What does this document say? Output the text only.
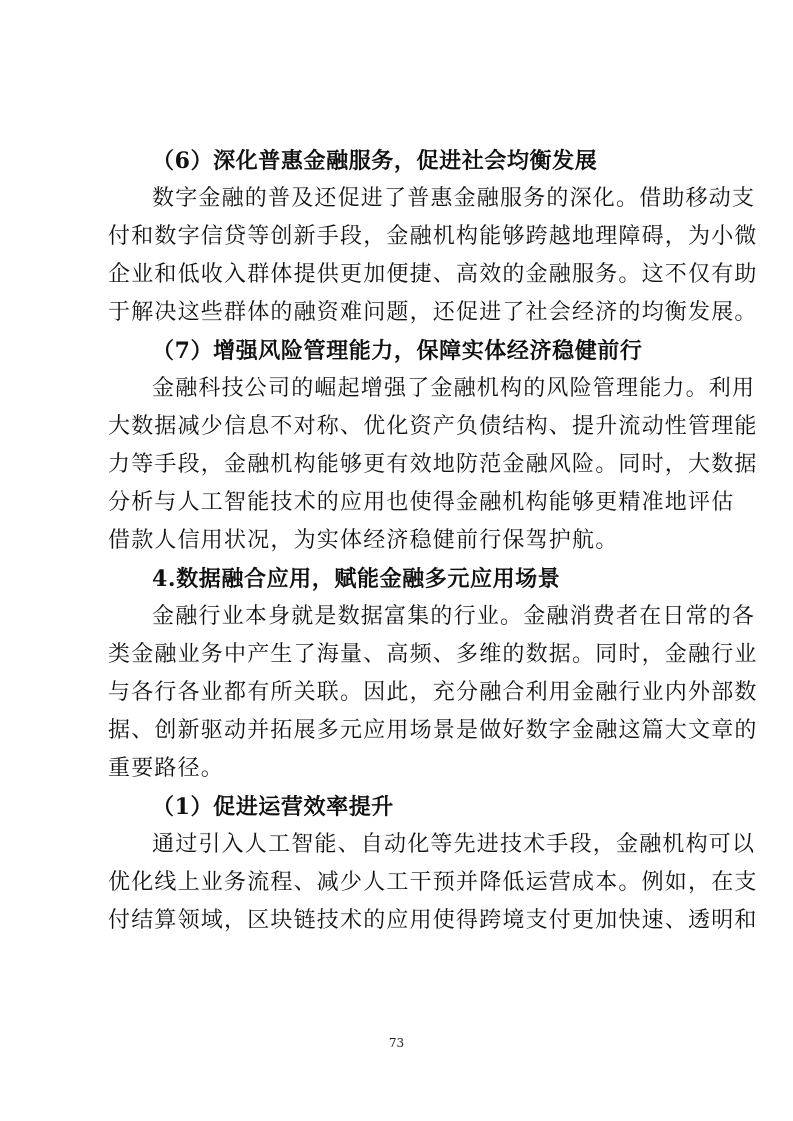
（6）深化普惠金融服务，促进社会均衡发展
数字金融的普及还促进了普惠金融服务的深化。借助移动支
付和数字信贷等创新手段，金融机构能够跨越地理障碍，为小微
企业和低收入群体提供更加便捷、高效的金融服务。这不仅有助
于解决这些群体的融资难问题，还促进了社会经济的均衡发展。
（7）增强风险管理能力，保障实体经济稳健前行
金融科技公司的崛起增强了金融机构的风险管理能力。利用
大数据减少信息不对称、优化资产负债结构、提升流动性管理能
力等手段，金融机构能够更有效地防范金融风险。同时，大数据
分析与人工智能技术的应用也使得金融机构能够更精准地评估
借款人信用状况，为实体经济稳健前行保驾护航。
4.数据融合应用，赋能金融多元应用场景
金融行业本身就是数据富集的行业。金融消费者在日常的各
类金融业务中产生了海量、高频、多维的数据。同时，金融行业
与各行各业都有所关联。因此，充分融合利用金融行业内外部数
据、创新驱动并拓展多元应用场景是做好数字金融这篇大文章的
重要路径。
（1）促进运营效率提升
通过引入人工智能、自动化等先进技术手段，金融机构可以
优化线上业务流程、减少人工干预并降低运营成本。例如，在支
付结算领域，区块链技术的应用使得跨境支付更加快速、透明和
73
